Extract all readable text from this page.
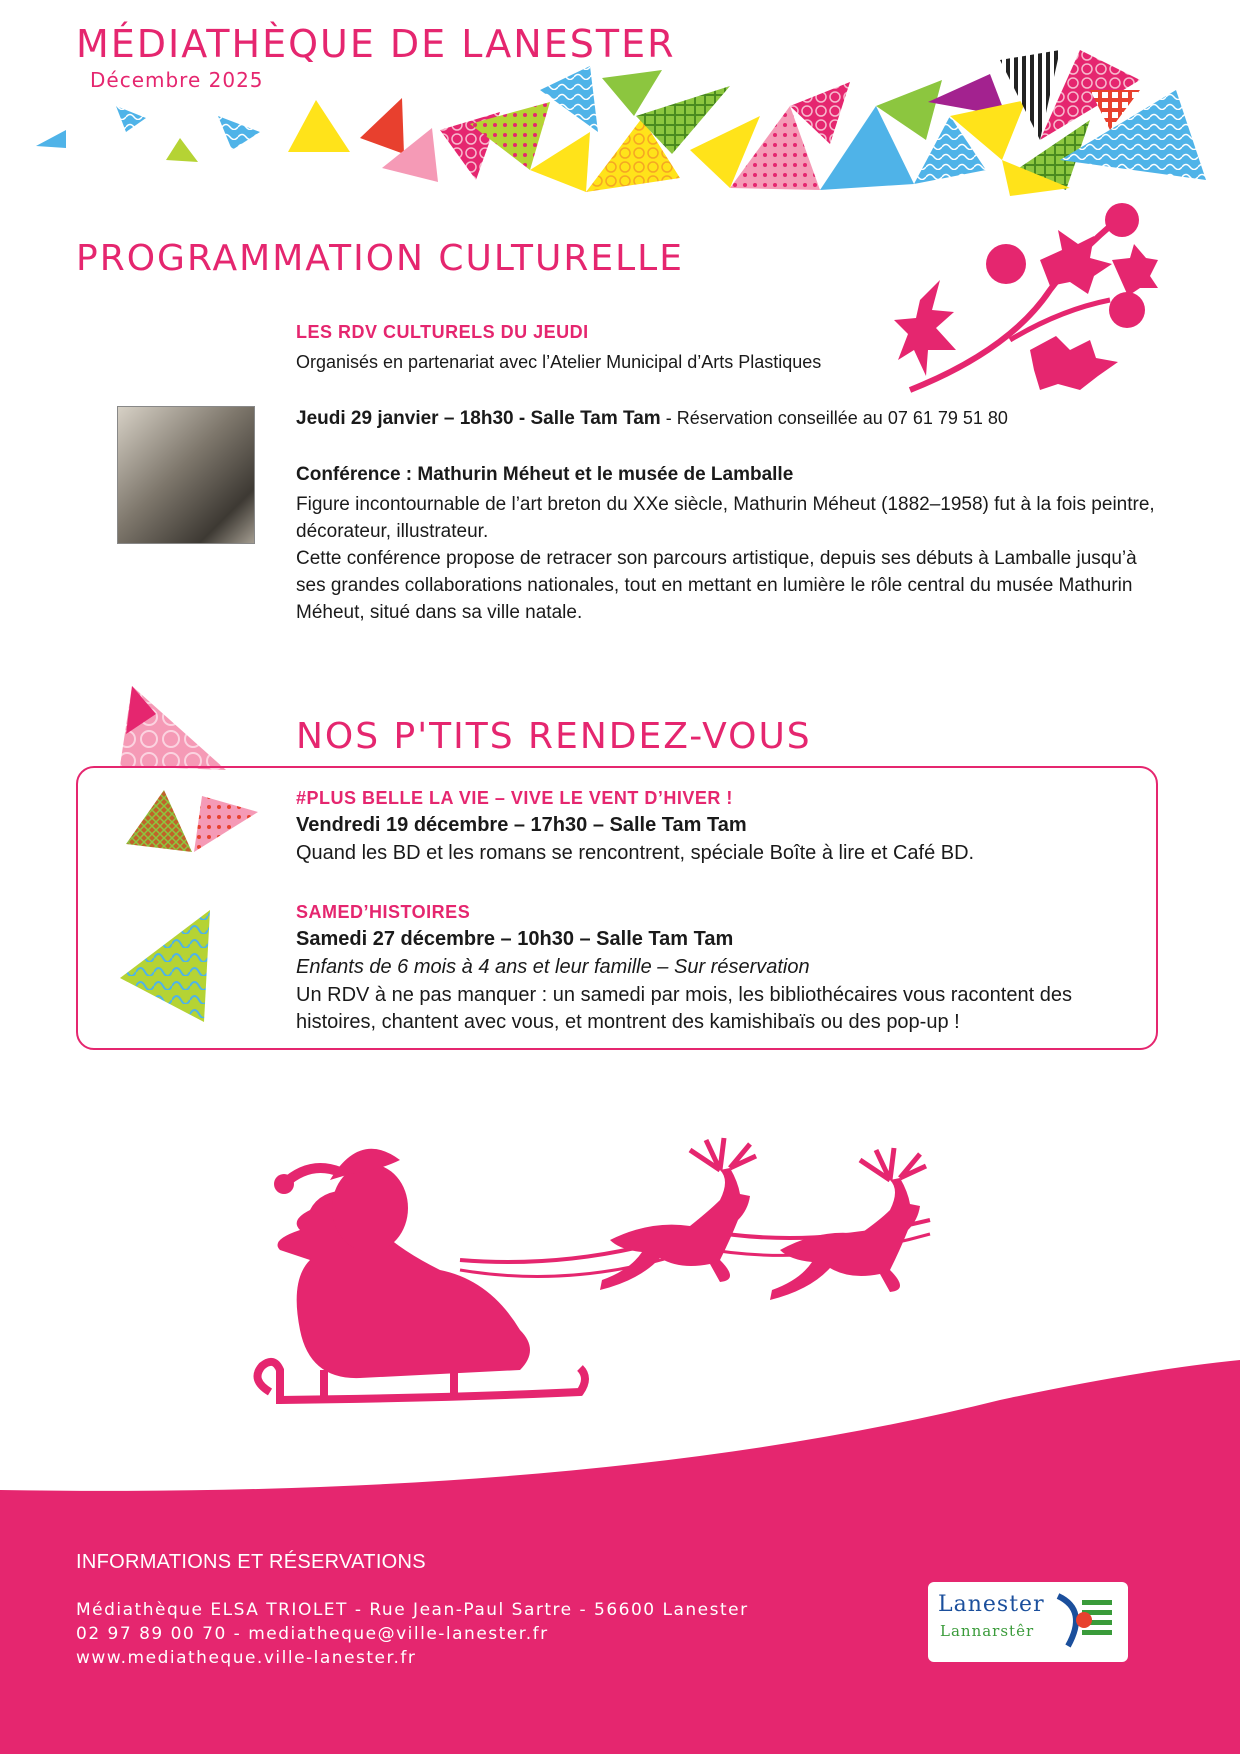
MÉDIATHÈQUE DE LANESTER
Décembre 2025
PROGRAMMATION CULTURELLE
LES RDV CULTURELS DU JEUDI
Organisés en partenariat avec l’Atelier Municipal d’Arts Plastiques
Jeudi 29 janvier – 18h30 - Salle Tam Tam - Réservation conseillée au 07 61 79 51 80
Conférence : Mathurin Méheut et le musée de Lamballe
Figure incontournable de l’art breton du XXe siècle, Mathurin Méheut (1882–1958) fut à la fois peintre, décorateur, illustrateur.
Cette conférence propose de retracer son parcours artistique, depuis ses débuts à Lamballe jusqu’à ses grandes collaborations nationales, tout en mettant en lumière le rôle central du musée Mathurin Méheut, situé dans sa ville natale.
NOS P'TITS RENDEZ-VOUS
#PLUS BELLE LA VIE – VIVE LE VENT D’HIVER !
Vendredi 19 décembre – 17h30 – Salle Tam Tam
Quand les BD et les romans se rencontrent, spéciale Boîte à lire et Café BD.
SAMED’HISTOIRES
Samedi 27 décembre – 10h30 – Salle Tam Tam
Enfants de 6 mois à 4 ans et leur famille – Sur réservation
Un RDV à ne pas manquer : un samedi par mois, les bibliothécaires vous racontent des histoires, chantent avec vous, et montrent des kamishibaïs ou des pop-up !
INFORMATIONS ET RÉSERVATIONS
Médiathèque ELSA TRIOLET - Rue Jean-Paul Sartre - 56600 Lanester
02 97 89 00 70 - mediatheque@ville-lanester.fr
www.mediatheque.ville-lanester.fr
Lanester
Lannarstêr
